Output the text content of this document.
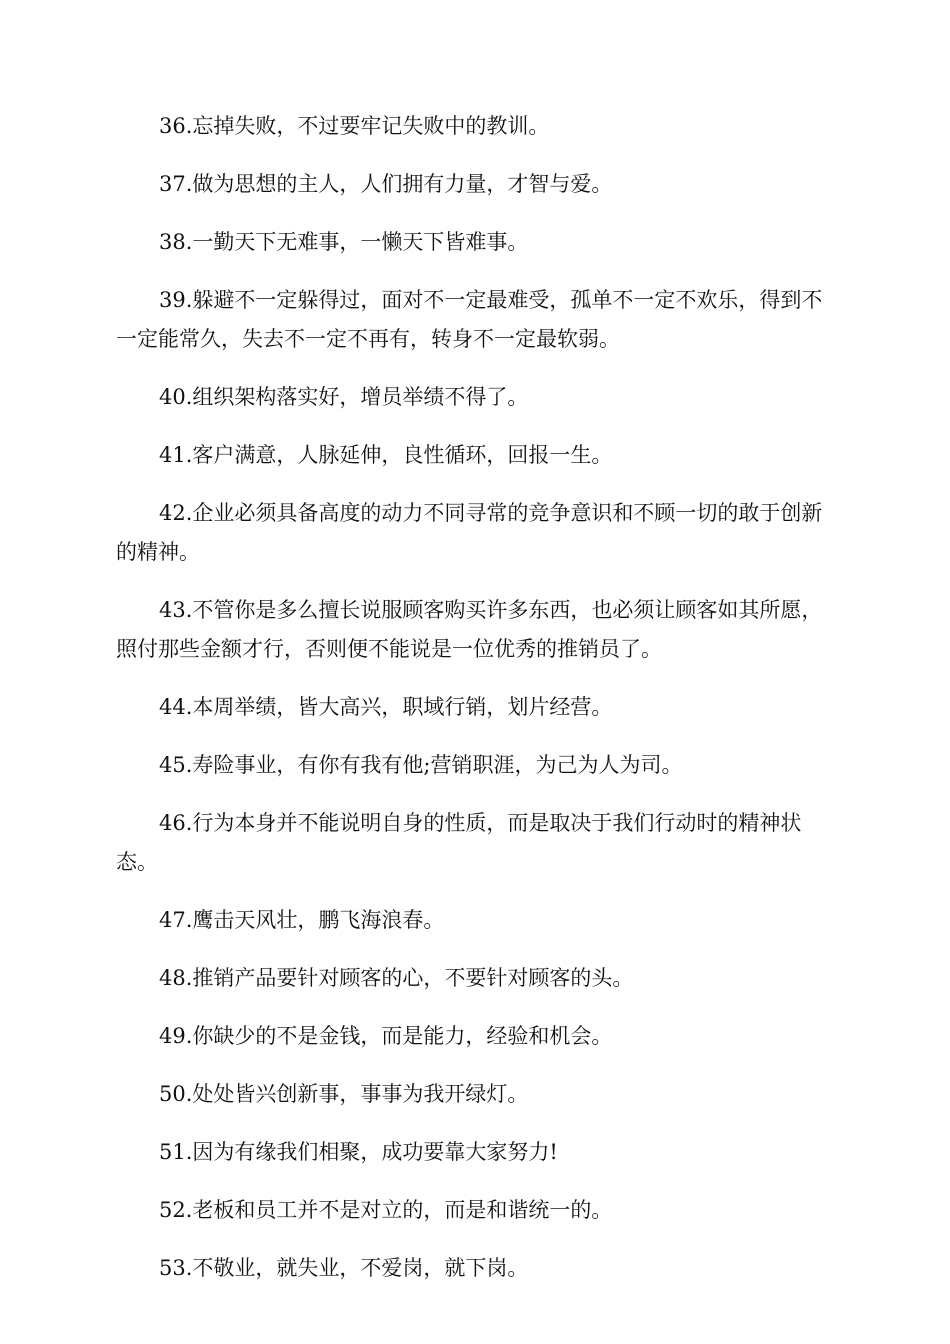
36.忘掉失败，不过要牢记失败中的教训。

37.做为思想的主人，人们拥有力量，才智与爱。

38.一勤天下无难事，一懒天下皆难事。

39.躲避不一定躲得过，面对不一定最难受，孤单不一定不欢乐，得到不一定能常久，失去不一定不再有，转身不一定最软弱。

40.组织架构落实好，增员举绩不得了。

41.客户满意，人脉延伸，良性循环，回报一生。

42.企业必须具备高度的动力不同寻常的竞争意识和不顾一切的敢于创新的精神。

43.不管你是多么擅长说服顾客购买许多东西，也必须让顾客如其所愿，照付那些金额才行，否则便不能说是一位优秀的推销员了。

44.本周举绩，皆大高兴，职域行销，划片经营。

45.寿险事业，有你有我有他;营销职涯，为己为人为司。

46.行为本身并不能说明自身的性质，而是取决于我们行动时的精神状态。

47.鹰击天风壮，鹏飞海浪春。

48.推销产品要针对顾客的心，不要针对顾客的头。

49.你缺少的不是金钱，而是能力，经验和机会。

50.处处皆兴创新事，事事为我开绿灯。

51.因为有缘我们相聚，成功要靠大家努力!

52.老板和员工并不是对立的，而是和谐统一的。

53.不敬业，就失业，不爱岗，就下岗。
